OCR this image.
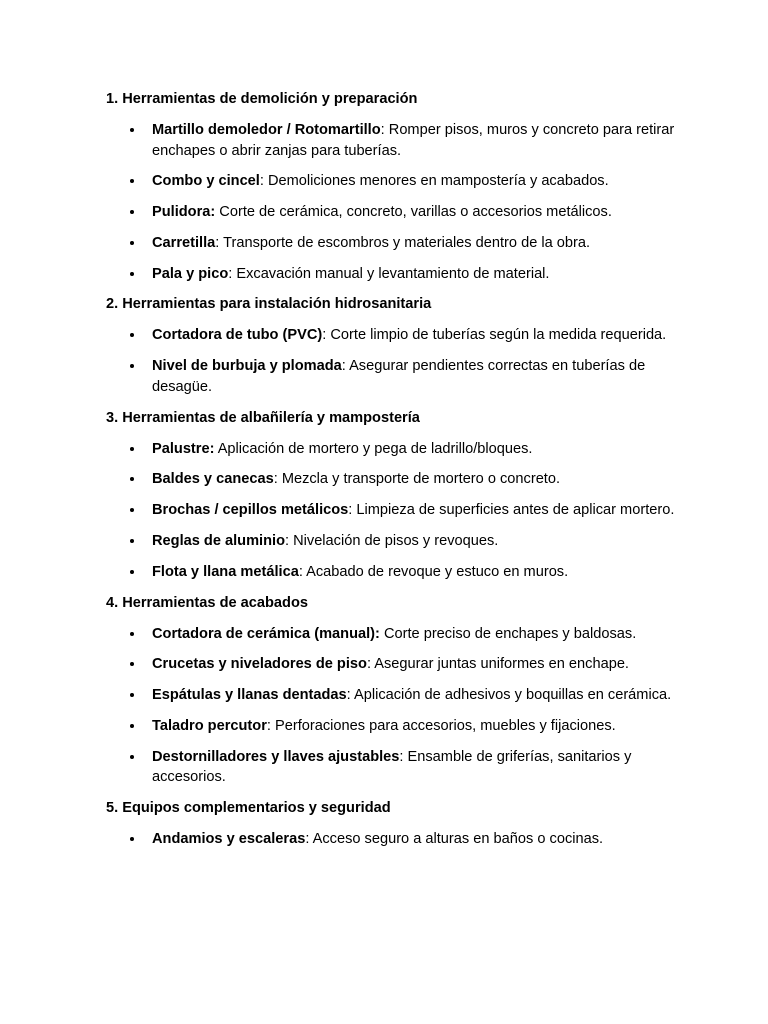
1. Herramientas de demolición y preparación
Martillo demoledor / Rotomartillo: Romper pisos, muros y concreto para retirar enchapes o abrir zanjas para tuberías.
Combo y cincel: Demoliciones menores en mampostería y acabados.
Pulidora: Corte de cerámica, concreto, varillas o accesorios metálicos.
Carretilla: Transporte de escombros y materiales dentro de la obra.
Pala y pico: Excavación manual y levantamiento de material.
2. Herramientas para instalación hidrosanitaria
Cortadora de tubo (PVC): Corte limpio de tuberías según la medida requerida.
Nivel de burbuja y plomada: Asegurar pendientes correctas en tuberías de desagüe.
3. Herramientas de albañilería y mampostería
Palustre: Aplicación de mortero y pega de ladrillo/bloques.
Baldes y canecas: Mezcla y transporte de mortero o concreto.
Brochas / cepillos metálicos: Limpieza de superficies antes de aplicar mortero.
Reglas de aluminio: Nivelación de pisos y revoques.
Flota y llana metálica: Acabado de revoque y estuco en muros.
4. Herramientas de acabados
Cortadora de cerámica (manual): Corte preciso de enchapes y baldosas.
Crucetas y niveladores de piso: Asegurar juntas uniformes en enchape.
Espátulas y llanas dentadas: Aplicación de adhesivos y boquillas en cerámica.
Taladro percutor: Perforaciones para accesorios, muebles y fijaciones.
Destornilladores y llaves ajustables: Ensamble de griferías, sanitarios y accesorios.
5. Equipos complementarios y seguridad
Andamios y escaleras: Acceso seguro a alturas en baños o cocinas.
